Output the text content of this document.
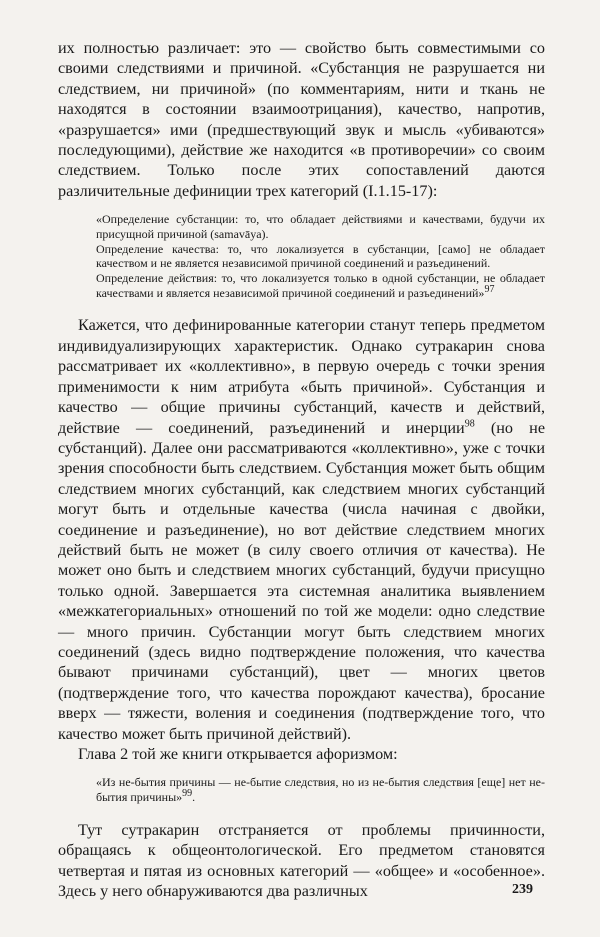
их полностью различает: это — свойство быть совместимыми со своими следствиями и причиной. «Субстанция не разрушается ни следствием, ни причиной» (по комментариям, нити и ткань не находятся в состоянии взаимоотрицания), качество, напротив, «разрушается» ими (предшествующий звук и мысль «убиваются» последующими), действие же находится «в противоречии» со своим следствием. Только после этих сопоставлений даются различительные дефиниции трех категорий (I.1.15-17):

«Определение субстанции: то, что обладает действиями и качествами, будучи их присущной причиной (samavāya).

Определение качества: то, что локализуется в субстанции, [само] не обладает качеством и не является независимой причиной соединений и разъединений.

Определение действия: то, что локализуется только в одной субстанции, не обладает качествами и является независимой причиной соединений и разъединений»$^{97}$

Кажется, что дефинированные категории станут теперь предметом индивидуализирующих характеристик. Однако сутракарин снова рассматривает их «коллективно», в первую очередь с точки зрения применимости к ним атрибута «быть причиной». Субстанция и качество — общие причины субстанций, качеств и действий, действие — соединений, разъединений и инерции$^{98}$ (но не субстанций). Далее они рассматриваются «коллективно», уже с точки зрения способности быть следствием. Субстанция может быть общим следствием многих субстанций, как следствием многих субстанций могут быть и отдельные качества (числа начиная с двойки, соединение и разъединение), но вот действие следствием многих действий быть не может (в силу своего отличия от качества). Не может оно быть и следствием многих субстанций, будучи присущно только одной. Завершается эта системная аналитика выявлением «межкатегориальных» отношений по той же модели: одно следствие — много причин. Субстанции могут быть следствием многих соединений (здесь видно подтверждение положения, что качества бывают причинами субстанций), цвет — многих цветов (подтверждение того, что качества порождают качества), бросание вверх — тяжести, воления и соединения (подтверждение того, что качество может быть причиной действий).

Глава 2 той же книги открывается афоризмом:

«Из не-бытия причины — не-бытие следствия, но из не-бытия следствия [еще] нет не-бытия причины»$^{99}$.

Тут сутракарин отстраняется от проблемы причинности, обращаясь к общеонтологической. Его предметом становятся четвертая и пятая из основных категорий — «общее» и «особенное». Здесь у него обнаруживаются два различных	239
